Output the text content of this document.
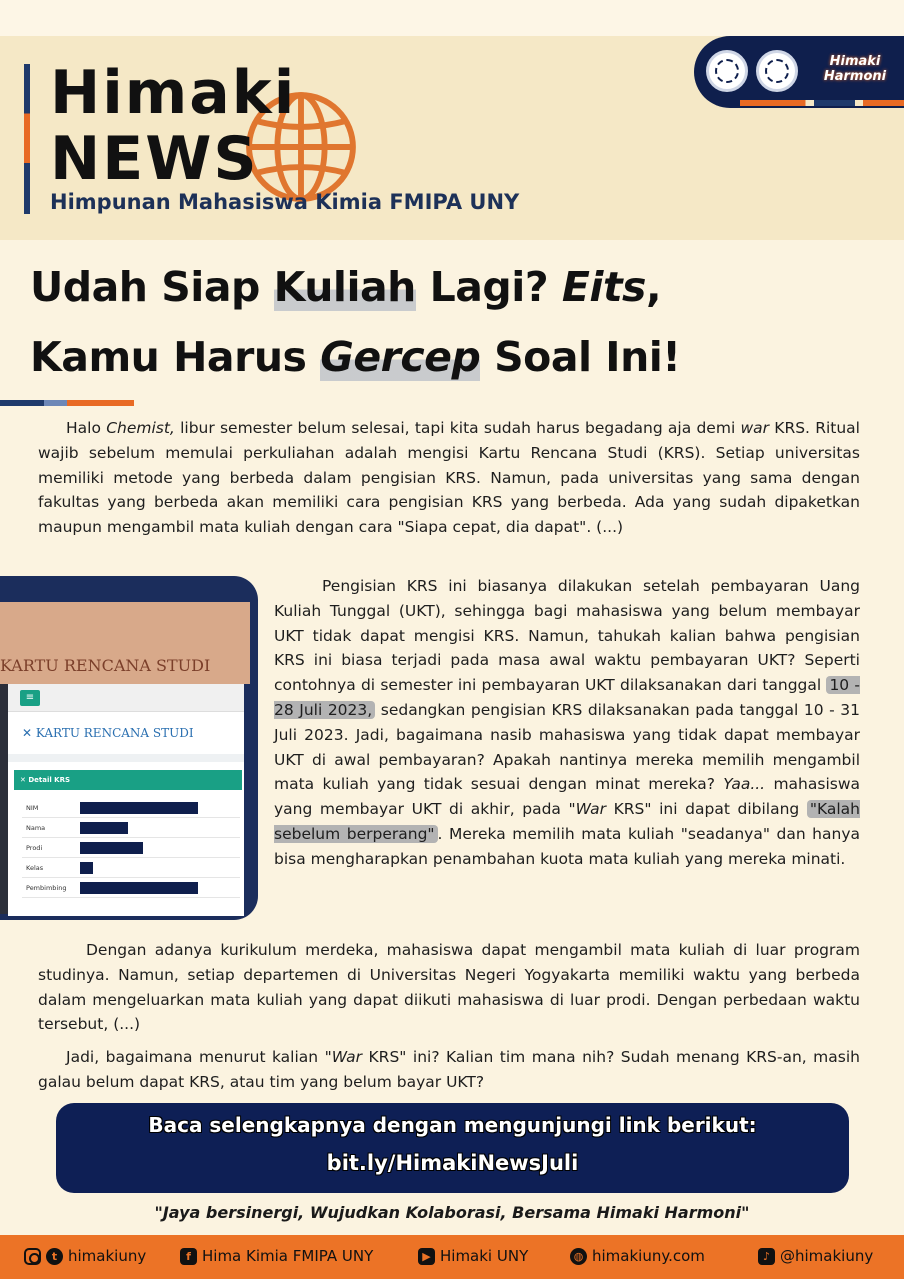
Himaki
NEWS
Himpunan Mahasiswa Kimia FMIPA UNY
Himaki
Harmoni
Udah Siap Kuliah Lagi? Eits,
Kamu Harus Gercep Soal Ini!

Halo Chemist, libur semester belum selesai, tapi kita sudah harus begadang aja demi war KRS. Ritual wajib sebelum memulai perkuliahan adalah mengisi Kartu Rencana Studi (KRS). Setiap universitas memiliki metode yang berbeda dalam pengisian KRS. Namun, pada universitas yang sama dengan fakultas yang berbeda akan memiliki cara pengisian KRS yang berbeda. Ada yang sudah dipaketkan maupun mengambil mata kuliah dengan cara "Siapa cepat, dia dapat". (...)

KARTU RENCANA STUDI
≡
✕ KARTU RENCANA STUDI
✕ Detail KRS
NIM
Nama
Prodi
Kelas
Pembimbing

Pengisian KRS ini biasanya dilakukan setelah pembayaran Uang Kuliah Tunggal (UKT), sehingga bagi mahasiswa yang belum membayar UKT tidak dapat mengisi KRS. Namun, tahukah kalian bahwa pengisian KRS ini biasa terjadi pada masa awal waktu pembayaran UKT? Seperti contohnya di semester ini pembayaran UKT dilaksanakan dari tanggal 10 - 28 Juli 2023, sedangkan pengisian KRS dilaksanakan pada tanggal 10 - 31 Juli 2023. Jadi, bagaimana nasib mahasiswa yang tidak dapat membayar UKT di awal pembayaran? Apakah nantinya mereka memilih mengambil mata kuliah yang tidak sesuai dengan minat mereka? Yaa... mahasiswa yang membayar UKT di akhir, pada "War KRS" ini dapat dibilang "Kalah sebelum berperang" . Mereka memilih mata kuliah "seadanya" dan hanya bisa mengharapkan penambahan kuota mata kuliah yang mereka minati.

Dengan adanya kurikulum merdeka, mahasiswa dapat mengambil mata kuliah di luar program studinya. Namun, setiap departemen di Universitas Negeri Yogyakarta memiliki waktu yang berbeda dalam mengeluarkan mata kuliah yang dapat diikuti mahasiswa di luar prodi. Dengan perbedaan waktu tersebut, (...)

Jadi, bagaimana menurut kalian "War KRS" ini? Kalian tim mana nih? Sudah menang KRS-an, masih galau belum dapat KRS, atau tim yang belum bayar UKT?

Baca selengkapnya dengan mengunjungi link berikut:
bit.ly/HimakiNewsJuli
"Jaya bersinergi, Wujudkan Kolaborasi, Bersama Himaki Harmoni"
t himakiuny	f Hima Kimia FMIPA UNY	▶ Himaki UNY	◍ himakiuny.com	♪ @himakiuny
